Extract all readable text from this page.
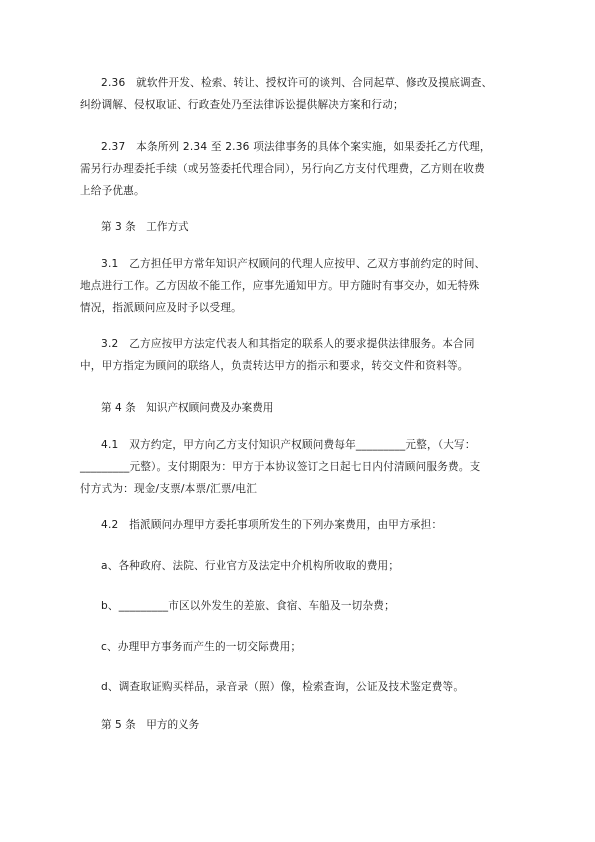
2.36　就软件开发、检索、转让、授权许可的谈判、合同起草、修改及摸底调查、
纠纷调解、侵权取证、行政查处乃至法律诉讼提供解决方案和行动；

2.37　本条所列 2.34 至 2.36 项法律事务的具体个案实施，如果委托乙方代理，
需另行办理委托手续（或另签委托代理合同），另行向乙方支付代理费，乙方则在收费
上给予优惠。

第 3 条　工作方式

3.1　乙方担任甲方常年知识产权顾问的代理人应按甲、乙双方事前约定的时间、
地点进行工作。乙方因故不能工作，应事先通知甲方。甲方随时有事交办，如无特殊
情况，指派顾问应及时予以受理。

3.2　乙方应按甲方法定代表人和其指定的联系人的要求提供法律服务。本合同
中，甲方指定为顾问的联络人，负责转达甲方的指示和要求，转交文件和资料等。

第 4 条　知识产权顾问费及办案费用

4.1　双方约定，甲方向乙方支付知识产权顾问费每年_________元整，（大写：
_________元整）。支付期限为：甲方于本协议签订之日起七日内付清顾问服务费。支
付方式为：现金/支票/本票/汇票/电汇

4.2　指派顾问办理甲方委托事项所发生的下列办案费用，由甲方承担：

a、各种政府、法院、行业官方及法定中介机构所收取的费用；

b、_________市区以外发生的差旅、食宿、车船及一切杂费；

c、办理甲方事务而产生的一切交际费用；

d、调查取证购买样品，录音录（照）像，检索查询，公证及技术鉴定费等。

第 5 条　甲方的义务
